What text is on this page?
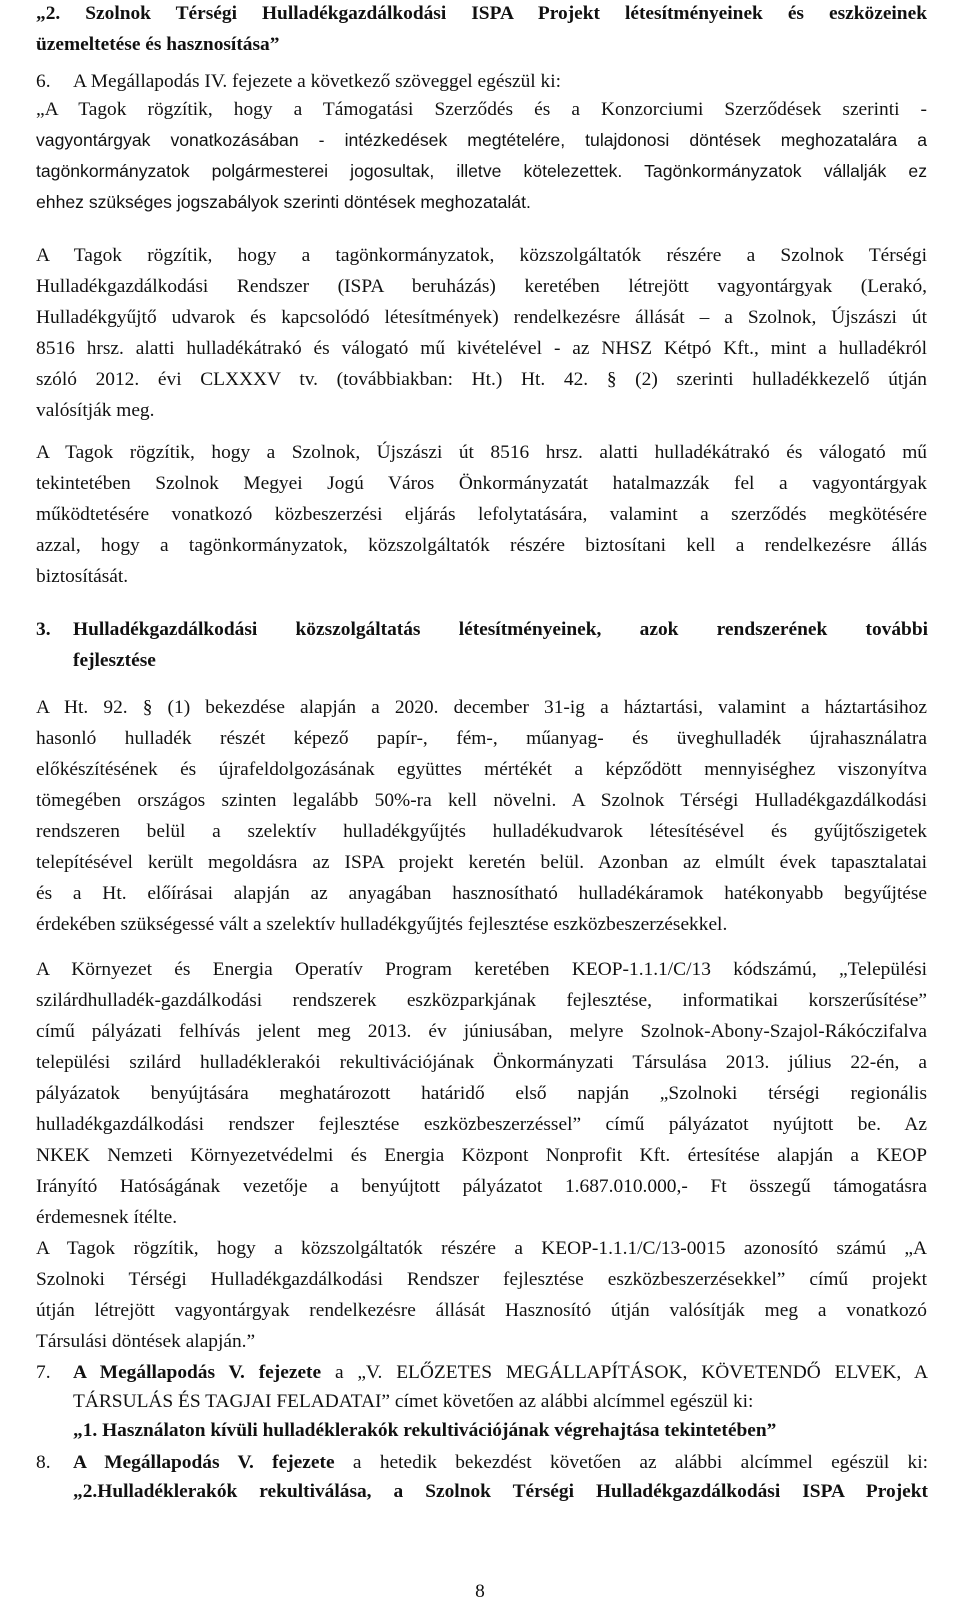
„2. Szolnok Térségi Hulladékgazdálkodási ISPA Projekt létesítményeinek és eszközeinek
üzemeltetése és hasznosítása”
6. A Megállapodás IV. fejezete a következő szöveggel egészül ki:
„A Tagok rögzítik, hogy a Támogatási Szerződés és a Konzorciumi Szerződések szerinti -
vagyontárgyak vonatkozásában - intézkedések megtételére, tulajdonosi döntések meghozatalára a
tagönkormányzatok polgármesterei jogosultak, illetve kötelezettek. Tagönkormányzatok vállalják ez
ehhez szükséges jogszabályok szerinti döntések meghozatalát.
A Tagok rögzítik, hogy a tagönkormányzatok, közszolgáltatók részére a Szolnok Térségi
Hulladékgazdálkodási Rendszer (ISPA beruházás) keretében létrejött vagyontárgyak (Lerakó,
Hulladékgyűjtő udvarok és kapcsolódó létesítmények) rendelkezésre állását – a Szolnok, Újszászi út
8516 hrsz. alatti hulladékátrakó és válogató mű kivételével - az NHSZ Kétpó Kft., mint a hulladékról
szóló 2012. évi CLXXXV tv. (továbbiakban: Ht.) Ht. 42. § (2) szerinti hulladékkezelő útján
valósítják meg.
A Tagok rögzítik, hogy a Szolnok, Újszászi út 8516 hrsz. alatti hulladékátrakó és válogató mű
tekintetében Szolnok Megyei Jogú Város Önkormányzatát hatalmazzák fel a vagyontárgyak
működtetésére vonatkozó közbeszerzési eljárás lefolytatására, valamint a szerződés megkötésére
azzal, hogy a tagönkormányzatok, közszolgáltatók részére biztosítani kell a rendelkezésre állás
biztosítását.
3. Hulladékgazdálkodási közszolgáltatás létesítményeinek, azok rendszerének további
fejlesztése
A Ht. 92. § (1) bekezdése alapján a 2020. december 31-ig a háztartási, valamint a háztartásihoz
hasonló hulladék részét képező papír-, fém-, műanyag- és üveghulladék újrahasználatra
előkészítésének és újrafeldolgozásának együttes mértékét a képződött mennyiséghez viszonyítva
tömegében országos szinten legalább 50%-ra kell növelni. A Szolnok Térségi Hulladékgazdálkodási
rendszeren belül a szelektív hulladékgyűjtés hulladékudvarok létesítésével és gyűjtőszigetek
telepítésével került megoldásra az ISPA projekt keretén belül. Azonban az elmúlt évek tapasztalatai
és a Ht. előírásai alapján az anyagában hasznosítható hulladékáramok hatékonyabb begyűjtése
érdekében szükségessé vált a szelektív hulladékgyűjtés fejlesztése eszközbeszerzésekkel.
A Környezet és Energia Operatív Program keretében KEOP-1.1.1/C/13 kódszámú, „Települési
szilárdhulladék-gazdálkodási rendszerek eszközparkjának fejlesztése, informatikai korszerűsítése”
című pályázati felhívás jelent meg 2013. év júniusában, melyre Szolnok-Abony-Szajol-Rákóczifalva
települési szilárd hulladéklerakói rekultivációjának Önkormányzati Társulása 2013. július 22-én, a
pályázatok benyújtására meghatározott határidő első napján „Szolnoki térségi regionális
hulladékgazdálkodási rendszer fejlesztése eszközbeszerzéssel” című pályázatot nyújtott be. Az
NKEK Nemzeti Környezetvédelmi és Energia Központ Nonprofit Kft. értesítése alapján a KEOP
Irányító Hatóságának vezetője a benyújtott pályázatot 1.687.010.000,- Ft összegű támogatásra
érdemesnek ítélte.
A Tagok rögzítik, hogy a közszolgáltatók részére a KEOP-1.1.1/C/13-0015 azonosító számú „A
Szolnoki Térségi Hulladékgazdálkodási Rendszer fejlesztése eszközbeszerzésekkel” című projekt
útján létrejött vagyontárgyak rendelkezésre állását Hasznosító útján valósítják meg a vonatkozó
Társulási döntések alapján.”
7. A Megállapodás V. fejezete a „V. ELŐZETES MEGÁLLAPÍTÁSOK, KÖVETENDŐ ELVEK, A
TÁRSULÁS ÉS TAGJAI FELADATAI” címet követően az alábbi alcímmel egészül ki:
„1. Használaton kívüli hulladéklerakók rekultivációjának végrehajtása tekintetében”
8. A Megállapodás V. fejezete a hetedik bekezdést követően az alábbi alcímmel egészül ki:
„2.Hulladéklerakók rekultiválása, a Szolnok Térségi Hulladékgazdálkodási ISPA Projekt
8
